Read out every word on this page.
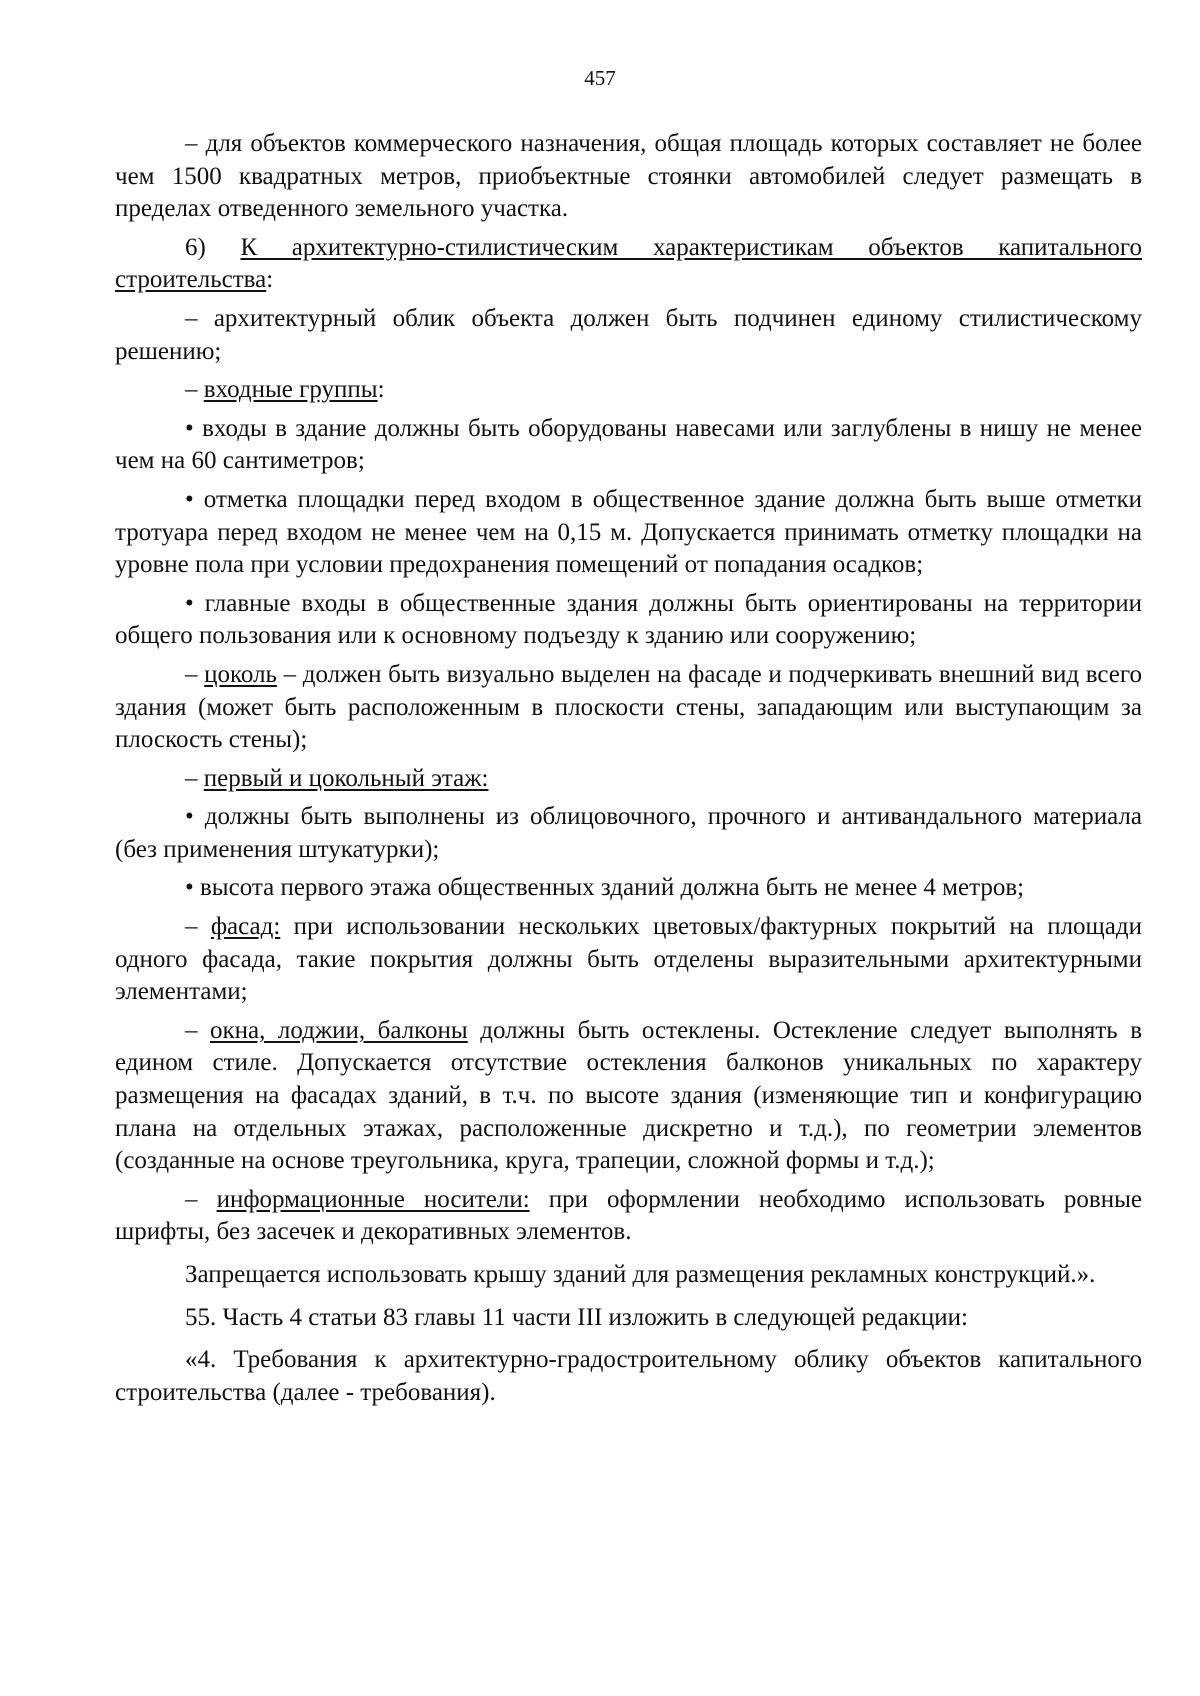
457

– для объектов коммерческого назначения, общая площадь которых составляет не более чем 1500 квадратных метров, приобъектные стоянки автомобилей следует размещать в пределах отведенного земельного участка.

6) К архитектурно-стилистическим характеристикам объектов капитального строительства:

– архитектурный облик объекта должен быть подчинен единому стилистическому решению;

– входные группы:

• входы в здание должны быть оборудованы навесами или заглублены в нишу не менее чем на 60 сантиметров;

• отметка площадки перед входом в общественное здание должна быть выше отметки тротуара перед входом не менее чем на 0,15 м. Допускается принимать отметку площадки на уровне пола при условии предохранения помещений от попадания осадков;

• главные входы в общественные здания должны быть ориентированы на территории общего пользования или к основному подъезду к зданию или сооружению;

– цоколь – должен быть визуально выделен на фасаде и подчеркивать внешний вид всего здания (может быть расположенным в плоскости стены, западающим или выступающим за плоскость стены);

– первый и цокольный этаж:

• должны быть выполнены из облицовочного, прочного и антивандального материала (без применения штукатурки);

• высота первого этажа общественных зданий должна быть не менее 4 метров;

– фасад: при использовании нескольких цветовых/фактурных покрытий на площади одного фасада, такие покрытия должны быть отделены выразительными архитектурными элементами;

– окна, лоджии, балконы должны быть остеклены. Остекление следует выполнять в едином стиле. Допускается отсутствие остекления балконов уникальных по характеру размещения на фасадах зданий, в т.ч. по высоте здания (изменяющие тип и конфигурацию плана на отдельных этажах, расположенные дискретно и т.д.), по геометрии элементов (созданные на основе треугольника, круга, трапеции, сложной формы и т.д.);

– информационные носители: при оформлении необходимо использовать ровные шрифты, без засечек и декоративных элементов.

Запрещается использовать крышу зданий для размещения рекламных конструкций.».

55. Часть 4 статьи 83 главы 11 части III изложить в следующей редакции:

«4. Требования к архитектурно-градостроительному облику объектов капитального строительства (далее - требования).
